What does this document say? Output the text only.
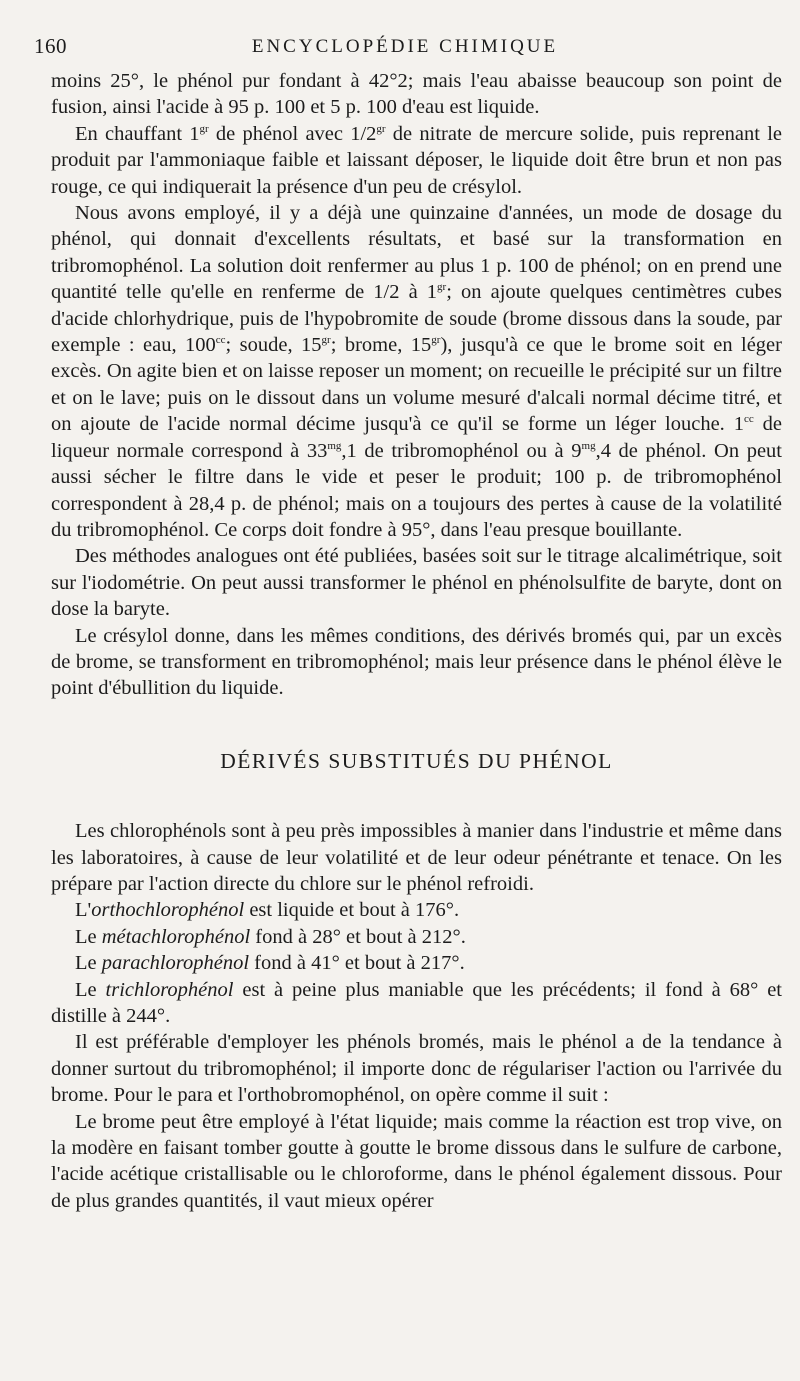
160	ENCYCLOPÉDIE CHIMIQUE

moins 25°, le phénol pur fondant à 42°2; mais l'eau abaisse beaucoup son point de fusion, ainsi l'acide à 95 p. 100 et 5 p. 100 d'eau est liquide.

En chauffant $1^{gr}$ de phénol avec $1/2^{gr}$ de nitrate de mercure solide, puis reprenant le produit par l'ammoniaque faible et laissant déposer, le liquide doit être brun et non pas rouge, ce qui indiquerait la présence d'un peu de crésylol.

Nous avons employé, il y a déjà une quinzaine d'années, un mode de dosage du phénol, qui donnait d'excellents résultats, et basé sur la transformation en tribromophénol. La solution doit renfermer au plus 1 p. 100 de phénol; on en prend une quantité telle qu'elle en renferme de 1/2 à $1^{gr}$; on ajoute quelques centimètres cubes d'acide chlorhydrique, puis de l'hypobromite de soude (brome dissous dans la soude, par exemple : eau, $100^{cc}$; soude, $15^{gr}$; brome, $15^{gr}$), jusqu'à ce que le brome soit en léger excès. On agite bien et on laisse reposer un moment; on recueille le précipité sur un filtre et on le lave; puis on le dissout dans un volume mesuré d'alcali normal décime titré, et on ajoute de l'acide normal décime jusqu'à ce qu'il se forme un léger louche. $1^{cc}$ de liqueur normale correspond à $33^{mg},1$ de tribromophénol ou à $9^{mg},4$ de phénol. On peut aussi sécher le filtre dans le vide et peser le produit; 100 p. de tribromophénol correspondent à 28,4 p. de phénol; mais on a toujours des pertes à cause de la volatilité du tribromophénol. Ce corps doit fondre à 95°, dans l'eau presque bouillante.

Des méthodes analogues ont été publiées, basées soit sur le titrage alcalimétrique, soit sur l'iodométrie. On peut aussi transformer le phénol en phénolsulfite de baryte, dont on dose la baryte.

Le crésylol donne, dans les mêmes conditions, des dérivés bromés qui, par un excès de brome, se transforment en tribromophénol; mais leur présence dans le phénol élève le point d'ébullition du liquide.

DÉRIVÉS SUBSTITUÉS DU PHÉNOL

Les chlorophénols sont à peu près impossibles à manier dans l'industrie et même dans les laboratoires, à cause de leur volatilité et de leur odeur pénétrante et tenace. On les prépare par l'action directe du chlore sur le phénol refroidi.

L'orthochlorophénol est liquide et bout à 176°.

Le métachlorophénol fond à 28° et bout à 212°.

Le parachlorophénol fond à 41° et bout à 217°.

Le trichlorophénol est à peine plus maniable que les précédents; il fond à 68° et distille à 244°.

Il est préférable d'employer les phénols bromés, mais le phénol a de la tendance à donner surtout du tribromophénol; il importe donc de régulariser l'action ou l'arrivée du brome. Pour le para et l'orthobromophénol, on opère comme il suit :

Le brome peut être employé à l'état liquide; mais comme la réaction est trop vive, on la modère en faisant tomber goutte à goutte le brome dissous dans le sulfure de carbone, l'acide acétique cristallisable ou le chloroforme, dans le phénol également dissous. Pour de plus grandes quantités, il vaut mieux opérer
